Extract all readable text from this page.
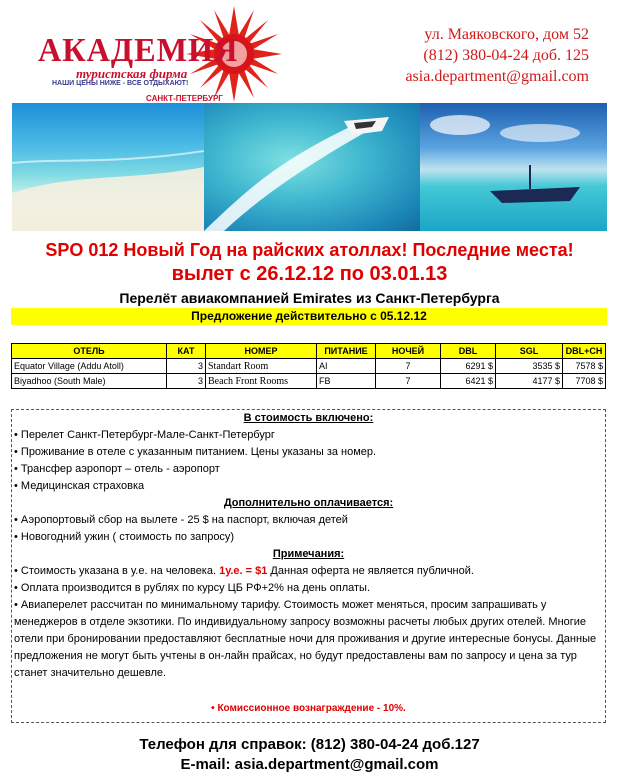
АКАДЕМИЯ
туристская фирма
НАШИ ЦЕНЫ НИЖЕ - ВСЕ ОТДЫХАЮТ!
САНКТ-ПЕТЕРБУРГ
ул. Маяковского, дом 52
(812) 380-04-24 доб. 125
asia.department@gmail.com
SPO 012 Новый Год на райских атоллах! Последние места!
вылет с 26.12.12 по 03.01.13
Перелёт авиакомпанией Emirates из Санкт-Петербурга
Предложение действительно с 05.12.12
ОТЕЛЬ	КАТ	НОМЕР	ПИТАНИЕ	НОЧЕЙ	DBL	SGL	DBL+CH
Equator Village (Addu Atoll)	3	Standart Room	AI	7	6291 $	3535 $	7578 $
Biyadhoo (South Male)	3	Beach Front Rooms	FB	7	6421 $	4177 $	7708 $
В стоимость включено:
• Перелет Санкт-Петербург-Мале-Санкт-Петербург
• Проживание в отеле с указанным питанием. Цены указаны за номер.
• Трансфер аэропорт – отель - аэропорт
• Медицинская страховка
Дополнительно оплачивается:
• Аэропортовый сбор на вылете - 25 $ на паспорт, включая детей
• Новогодний ужин ( стоимость по запросу)
Примечания:
• Стоимость указана в у.е. на человека. 1у.е. = $1 Данная оферта не является публичной.
• Оплата производится в рублях по курсу ЦБ РФ+2% на день оплаты.
• Авиаперелет рассчитан по минимальному тарифу. Стоимость может меняться, просим запрашивать у менеджеров в отделе экзотики. По индивидуальному запросу возможны расчеты любых других отелей. Многие отели при бронировании предоставляют бесплатные ночи для проживания и другие интересные бонусы. Данные предложения не могут быть учтены в он-лайн прайсах, но будут предоставлены вам по запросу и цена за тур станет значительно дешевле.
• Комиссионное вознаграждение - 10%.
Телефон для справок: (812) 380-04-24 доб.127
E-mail: asia.department@gmail.com
